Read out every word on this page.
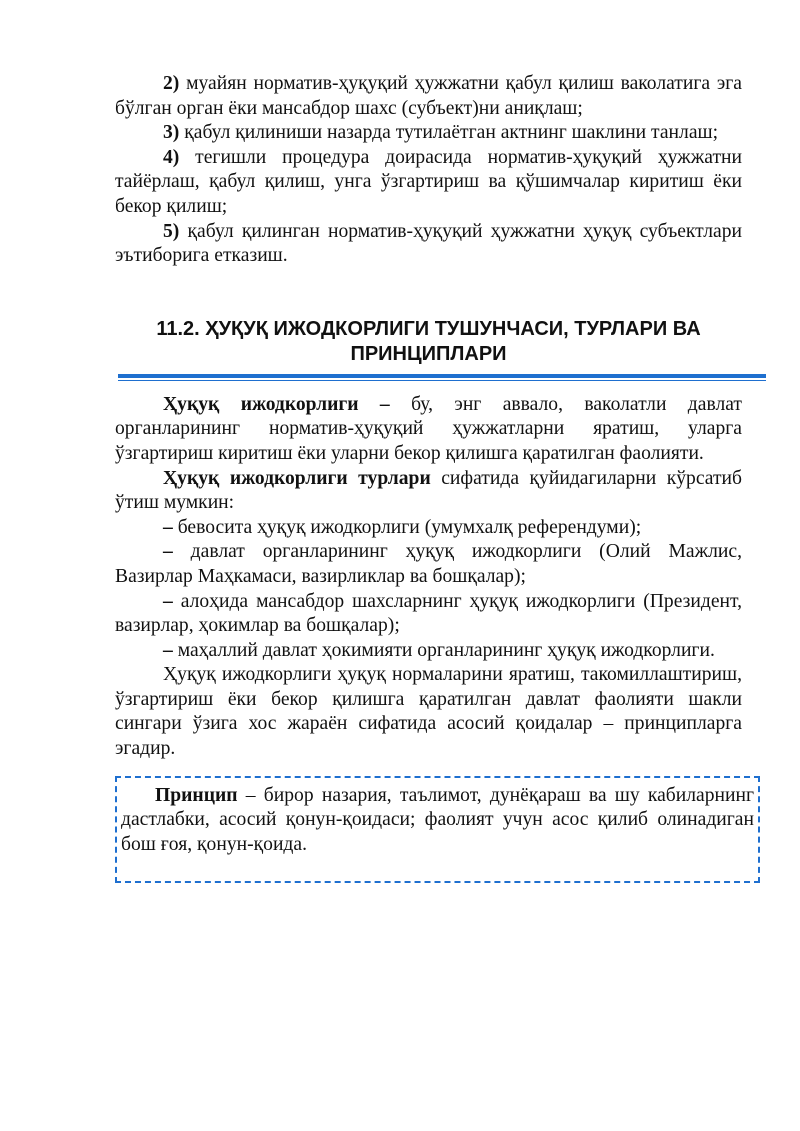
2) муайян норматив-ҳуқуқий ҳужжатни қабул қилиш ваколатига эга бўлган орган ёки мансабдор шахс (субъект)ни аниқлаш;

3) қабул қилиниши назарда тутилаётган актнинг шаклини танлаш;

4) тегишли процедура доирасида норматив-ҳуқуқий ҳужжатни тайёрлаш, қабул қилиш, унга ўзгартириш ва қўшимчалар киритиш ёки бекор қилиш;

5) қабул қилинган норматив-ҳуқуқий ҳужжатни ҳуқуқ субъектлари эътиборига етказиш.

11.2. ҲУҚУҚ ИЖОДКОРЛИГИ ТУШУНЧАСИ, ТУРЛАРИ ВА
ПРИНЦИПЛАРИ

Ҳуқуқ ижодкорлиги – бу, энг аввало, ваколатли давлат органларининг норматив-ҳуқуқий ҳужжатларни яратиш, уларга ўзгартириш киритиш ёки уларни бекор қилишга қаратилган фаолияти.

Ҳуқуқ ижодкорлиги турлари сифатида қуйидагиларни кўрсатиб ўтиш мумкин:

– бевосита ҳуқуқ ижодкорлиги (умумхалқ референдуми);

– давлат органларининг ҳуқуқ ижодкорлиги (Олий Мажлис, Вазирлар Маҳкамаси, вазирликлар ва бошқалар);

– алоҳида мансабдор шахсларнинг ҳуқуқ ижодкорлиги (Президент, вазирлар, ҳокимлар ва бошқалар);

– маҳаллий давлат ҳокимияти органларининг ҳуқуқ ижодкорлиги.

Ҳуқуқ ижодкорлиги ҳуқуқ нормаларини яратиш, такомиллаштириш, ўзгартириш ёки бекор қилишга қаратилган давлат фаолияти шакли сингари ўзига хос жараён сифатида асосий қоидалар – принципларга эгадир.

Принцип – бирор назария, таълимот, дунёқараш ва шу кабиларнинг дастлабки, асосий қонун-қоидаси; фаолият учун асос қилиб олинадиган бош ғоя, қонун-қоида.
